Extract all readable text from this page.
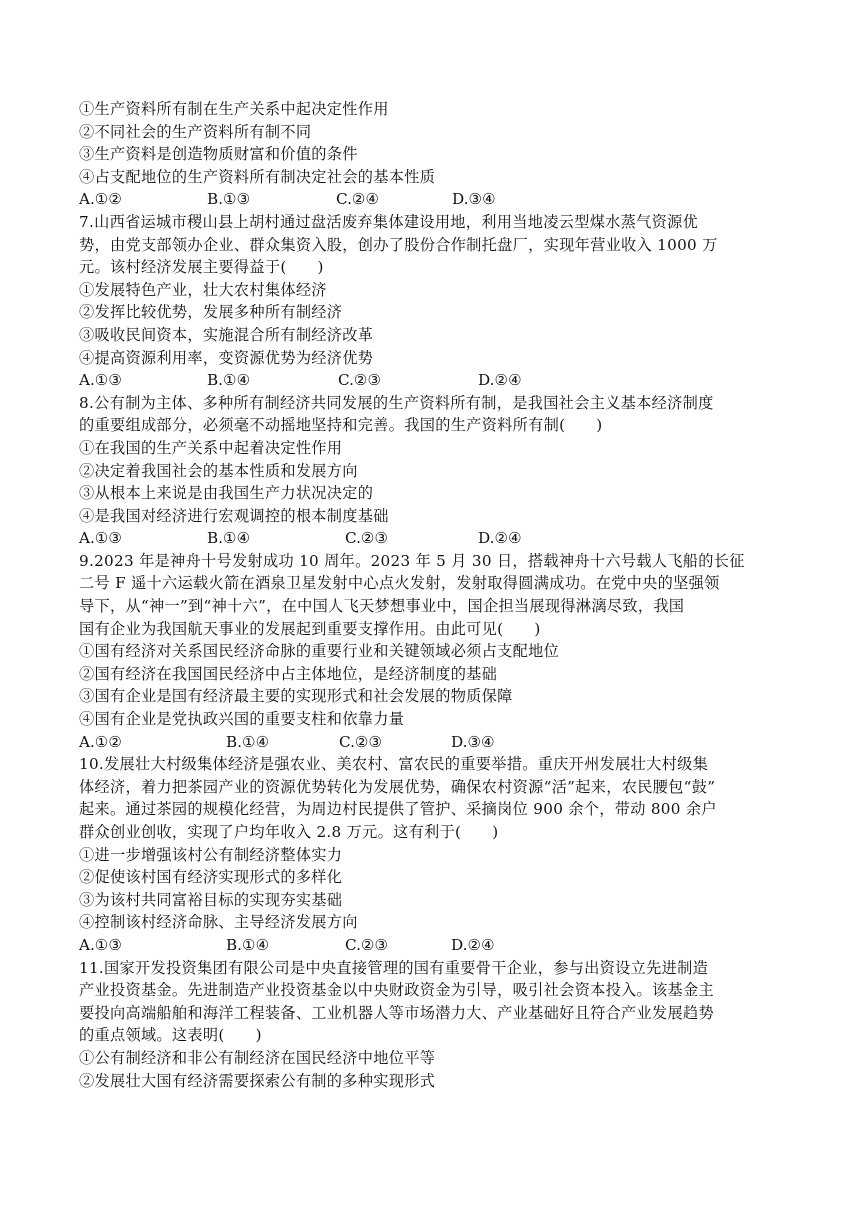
①生产资料所有制在生产关系中起决定性作用
②不同社会的生产资料所有制不同
③生产资料是创造物质财富和价值的条件
④占支配地位的生产资料所有制决定社会的基本性质
A.①②	B.①③	C.②④	D.③④
7.山西省运城市稷山县上胡村通过盘活废弃集体建设用地，利用当地凌云型煤水蒸气资源优
势，由党支部领办企业、群众集资入股，创办了股份合作制托盘厂，实现年营业收入 1000 万
元。该村经济发展主要得益于(　　)
①发展特色产业，壮大农村集体经济
②发挥比较优势，发展多种所有制经济
③吸收民间资本，实施混合所有制经济改革
④提高资源利用率，变资源优势为经济优势
A.①③	B.①④	C.②③	D.②④
8.公有制为主体、多种所有制经济共同发展的生产资料所有制，是我国社会主义基本经济制度
的重要组成部分，必须毫不动摇地坚持和完善。我国的生产资料所有制(　　)
①在我国的生产关系中起着决定性作用
②决定着我国社会的基本性质和发展方向
③从根本上来说是由我国生产力状况决定的
④是我国对经济进行宏观调控的根本制度基础
A.①③	B.①④	C.②③	D.②④
9.2023 年是神舟十号发射成功 10 周年。2023 年 5 月 30 日，搭载神舟十六号载人飞船的长征
二号 F 遥十六运载火箭在酒泉卫星发射中心点火发射，发射取得圆满成功。在党中央的坚强领
导下，从“神一”到“神十六”，在中国人飞天梦想事业中，国企担当展现得淋漓尽致，我国
国有企业为我国航天事业的发展起到重要支撑作用。由此可见(　　)
①国有经济对关系国民经济命脉的重要行业和关键领域必须占支配地位
②国有经济在我国国民经济中占主体地位，是经济制度的基础
③国有企业是国有经济最主要的实现形式和社会发展的物质保障
④国有企业是党执政兴国的重要支柱和依靠力量
A.①②	B.①④	C.②③	D.③④
10.发展壮大村级集体经济是强农业、美农村、富农民的重要举措。重庆开州发展壮大村级集
体经济，着力把茶园产业的资源优势转化为发展优势，确保农村资源“活”起来，农民腰包“鼓”
起来。通过茶园的规模化经营，为周边村民提供了管护、采摘岗位 900 余个，带动 800 余户
群众创业创收，实现了户均年收入 2.8 万元。这有利于(　　)
①进一步增强该村公有制经济整体实力
②促使该村国有经济实现形式的多样化
③为该村共同富裕目标的实现夯实基础
④控制该村经济命脉、主导经济发展方向
A.①③	B.①④	C.②③	D.②④
11.国家开发投资集团有限公司是中央直接管理的国有重要骨干企业，参与出资设立先进制造
产业投资基金。先进制造产业投资基金以中央财政资金为引导，吸引社会资本投入。该基金主
要投向高端船舶和海洋工程装备、工业机器人等市场潜力大、产业基础好且符合产业发展趋势
的重点领域。这表明(　　)
①公有制经济和非公有制经济在国民经济中地位平等
②发展壮大国有经济需要探索公有制的多种实现形式
